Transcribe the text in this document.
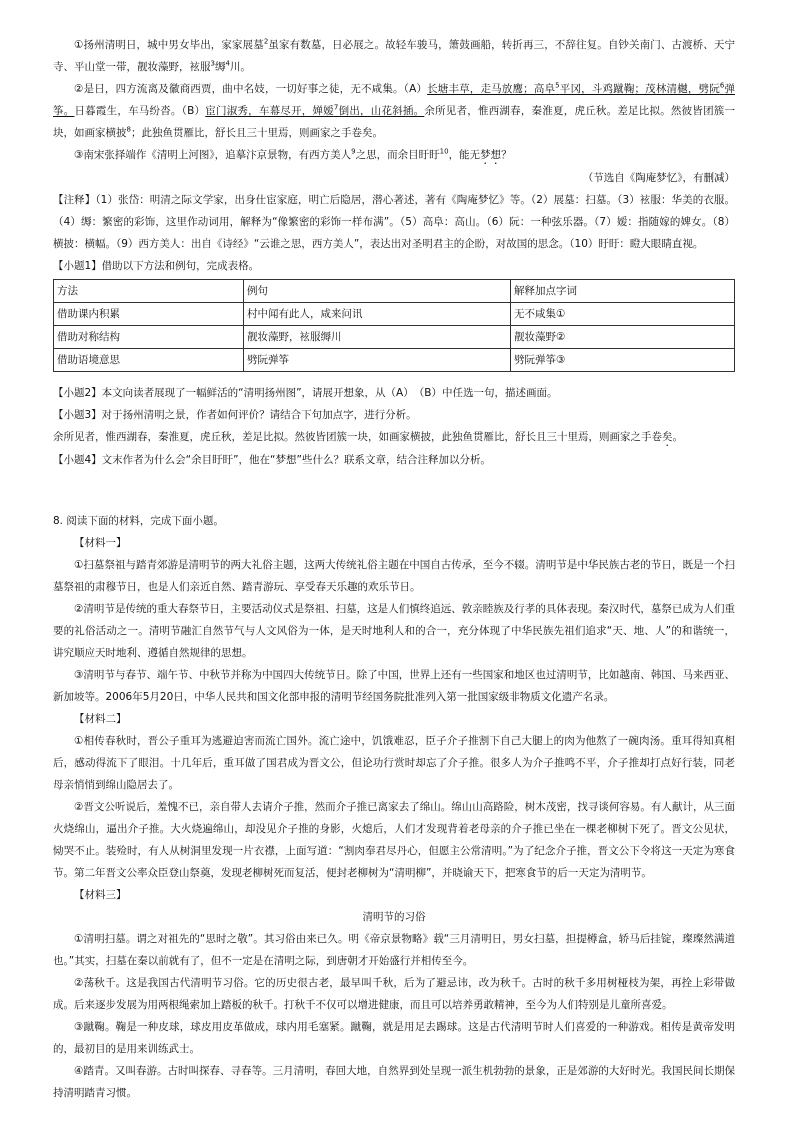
①扬州清明日，城中男女毕出，家家展墓$^2$虽家有数墓，日必展之。故轻车骏马，箫鼓画船，转折再三，不辞往复。自钞关南门、古渡桥、天宁寺、平山堂一带，靓妆藻野，袨服$^3$缛$^4$川。

②是日，四方流离及徽商西贾，曲中名妓，一切好事之徒，无不咸集。（A）长塘丰草，走马放鹰；高阜$^5$平冈，斗鸡蹴鞠；茂林清樾，劈阮$^6$弹筝。日暮霞生，车马纷沓。（B）宦门淑秀，车幕尽开，婵嫒$^7$倒出，山花斜插。余所见者，惟西湖春，秦淮夏，虎丘秋。差足比拟。然彼皆团簇一块，如画家横披$^8$；此独鱼贯雁比，舒长且三十里焉，则画家之手卷矣。

③南宋张择端作《清明上河图》，追摹汴京景物，有西方美人$^9$之思，而余目盱盱$^{10}$，能无梦想？

（节选自《陶庵梦忆》，有删减）

【注释】（1）张岱：明清之际文学家，出身仕宦家庭，明亡后隐居，潜心著述，著有《陶庵梦忆》等。（2）展墓：扫墓。（3）袨服：华美的衣服。（4）缛：繁密的彩饰，这里作动词用，解释为“像繁密的彩饰一样布满”。（5）高阜：高山。（6）阮：一种弦乐器。（7）嫒：指随嫁的婢女。（8）横披：横幅。（9）西方美人：出自《诗经》“云谁之思，西方美人”，表达出对圣明君主的企盼，对故国的思念。（10）盱盱：瞪大眼睛直视。

【小题1】借助以下方法和例句，完成表格。

方法	例句	解释加点字词
借助课内积累	村中闻有此人，咸来问讯	无不咸集①
借助对称结构	靓妆藻野，袨服缛川	靓妆藻野②
借助语境意思	劈阮弹筝	劈阮弹筝③

【小题2】本文向读者展现了一幅鲜活的“清明扬州图”，请展开想象，从（A）　（B）中任选一句，描述画面。

【小题3】对于扬州清明之景，作者如何评价？请结合下句加点字，进行分析。

余所见者，惟西湖春，秦淮夏，虎丘秋，差足比拟。然彼皆团簇一块，如画家横披，此独鱼贯雁比，舒长且三十里焉，则画家之手卷矣。

【小题4】文末作者为什么会“余目盱盱”，他在“梦想”些什么？联系文章，结合注释加以分析。

8. 阅读下面的材料，完成下面小题。

【材料一】

①扫墓祭祖与踏青郊游是清明节的两大礼俗主题，这两大传统礼俗主题在中国自古传承，至今不辍。清明节是中华民族古老的节日，既是一个扫墓祭祖的肃穆节日，也是人们亲近自然、踏青游玩、享受春天乐趣的欢乐节日。

②清明节是传统的重大春祭节日，主要活动仪式是祭祖、扫墓，这是人们慎终追远、敦亲睦族及行孝的具体表现。秦汉时代，墓祭已成为人们重要的礼俗活动之一。清明节融汇自然节气与人文风俗为一体，是天时地利人和的合一，充分体现了中华民族先祖们追求“天、地、人”的和谐统一，讲究顺应天时地利、遵循自然规律的思想。

③清明节与春节、端午节、中秋节并称为中国四大传统节日。除了中国，世界上还有一些国家和地区也过清明节，比如越南、韩国、马来西亚、新加坡等。2006年5月20日，中华人民共和国文化部申报的清明节经国务院批准列入第一批国家级非物质文化遗产名录。

【材料二】

①相传春秋时，晋公子重耳为逃避迫害而流亡国外。流亡途中，饥饿难忍，臣子介子推割下自己大腿上的肉为他熬了一碗肉汤。重耳得知真相后，感动得流下了眼泪。十几年后，重耳做了国君成为晋文公，但论功行赏时却忘了介子推。很多人为介子推鸣不平，介子推却打点好行装，同老母亲悄悄到绵山隐居去了。

②晋文公听说后，羞愧不已，亲自带人去请介子推，然而介子推已离家去了绵山。绵山山高路险，树木茂密，找寻谈何容易。有人献计，从三面火烧绵山，逼出介子推。大火烧遍绵山，却没见介子推的身影，火熄后，人们才发现背着老母亲的介子推已坐在一棵老柳树下死了。晋文公见状，恸哭不止。装殓时，有人从树洞里发现一片衣襟，上面写道：“割肉奉君尽丹心，但愿主公常清明。”为了纪念介子推，晋文公下令将这一天定为寒食节。第二年晋文公率众臣登山祭奠，发现老柳树死而复活，便封老柳树为“清明柳”，并晓谕天下，把寒食节的后一天定为清明节。

【材料三】

清明节的习俗

①清明扫墓。谓之对祖先的“思时之敬”。其习俗由来已久。明《帝京景物略》载“三月清明日，男女扫墓，担提樽盒，轿马后挂锭，璨璨然满道也。”其实，扫墓在秦以前就有了，但不一定是在清明之际，到唐朝才开始盛行并相传至今。

②荡秋千。这是我国古代清明节习俗。它的历史很古老，最早叫千秋，后为了避忌讳，改为秋千。古时的秋千多用树桠枝为架，再拴上彩带做成。后来逐步发展为用两根绳索加上踏板的秋千。打秋千不仅可以增进健康，而且可以培养勇敢精神，至今为人们特别是儿童所喜爱。

③蹴鞠。鞠是一种皮球，球皮用皮革做成，球内用毛塞紧。蹴鞠，就是用足去踢球。这是古代清明节时人们喜爱的一种游戏。相传是黄帝发明的，最初目的是用来训练武士。

④踏青。又叫春游。古时叫探春、寻春等。三月清明，春回大地，自然界到处呈现一派生机勃勃的景象，正是郊游的大好时光。我国民间长期保持清明踏青习惯。
